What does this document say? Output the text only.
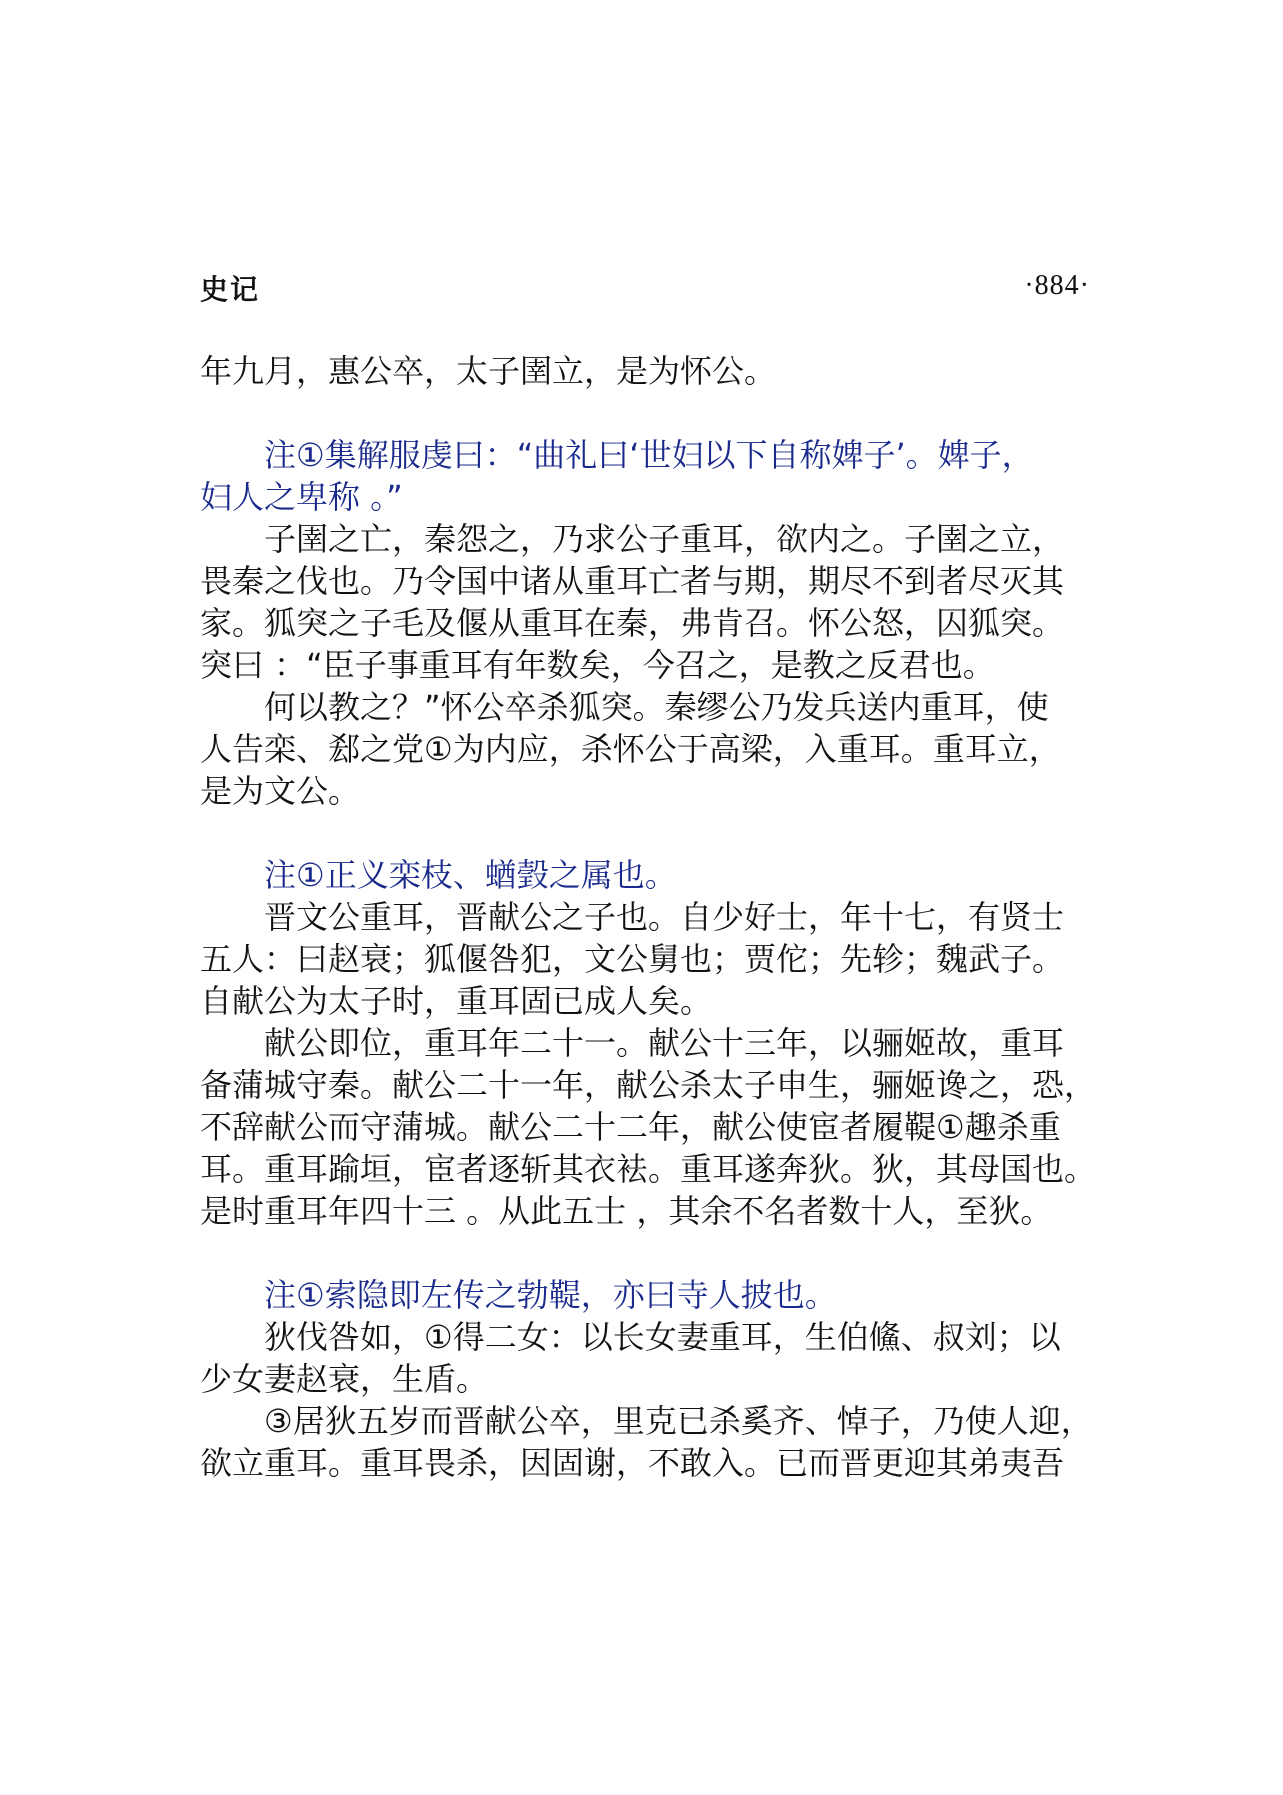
史记	·884·

年九月，惠公卒，太子圉立，是为怀公。

注①集解服虔曰：“曲礼曰‘世妇以下自称婢子’。婢子，

妇人之卑称 。”

子圉之亡，秦怨之，乃求公子重耳，欲内之。子圉之立，

畏秦之伐也。乃令国中诸从重耳亡者与期，期尽不到者尽灭其

家。狐突之子毛及偃从重耳在秦，弗肯召。怀公怒，囚狐突。

突曰 ：“臣子事重耳有年数矣，今召之，是教之反君也。

何以教之？”怀公卒杀狐突。秦缪公乃发兵送内重耳，使

人告栾、郄之党①为内应，杀怀公于高梁，入重耳。重耳立，

是为文公。

注①正义栾枝、蝤瑴之属也。

晋文公重耳，晋献公之子也。自少好士，年十七，有贤士

五人：曰赵衰；狐偃咎犯，文公舅也；贾佗；先轸；魏武子。

自献公为太子时，重耳固已成人矣。

献公即位，重耳年二十一。献公十三年，以骊姬故，重耳

备蒲城守秦。献公二十一年，献公杀太子申生，骊姬谗之，恐，

不辞献公而守蒲城。献公二十二年，献公使宦者履鞮①趣杀重

耳。重耳踰垣，宦者逐斩其衣袪。重耳遂奔狄。狄，其母国也。

是时重耳年四十三 。从此五士 ，其余不名者数十人，至狄。

注①索隐即左传之勃鞮，亦曰寺人披也。

狄伐咎如，①得二女：以长女妻重耳，生伯鯈、叔刘；以

少女妻赵衰，生盾。

③居狄五岁而晋献公卒，里克已杀奚齐、悼子，乃使人迎，

欲立重耳。重耳畏杀，因固谢，不敢入。已而晋更迎其弟夷吾
